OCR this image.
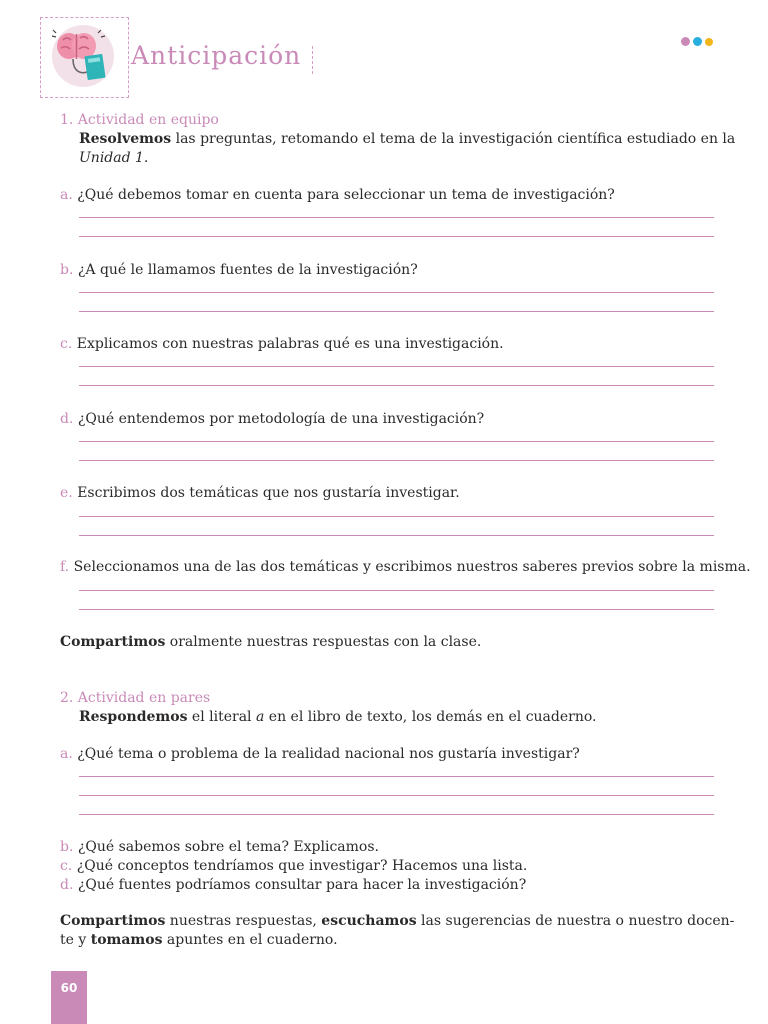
Anticipación
1. Actividad en equipo
Resolvemos las preguntas, retomando el tema de la investigación científica estudiado en la
Unidad 1.
a. ¿Qué debemos tomar en cuenta para seleccionar un tema de investigación?
b. ¿A qué le llamamos fuentes de la investigación?
c. Explicamos con nuestras palabras qué es una investigación.
d. ¿Qué entendemos por metodología de una investigación?
e. Escribimos dos temáticas que nos gustaría investigar.
f. Seleccionamos una de las dos temáticas y escribimos nuestros saberes previos sobre la misma.
Compartimos oralmente nuestras respuestas con la clase.
2. Actividad en pares
Respondemos el literal a en el libro de texto, los demás en el cuaderno.
a. ¿Qué tema o problema de la realidad nacional nos gustaría investigar?
b. ¿Qué sabemos sobre el tema? Explicamos.
c. ¿Qué conceptos tendríamos que investigar? Hacemos una lista.
d. ¿Qué fuentes podríamos consultar para hacer la investigación?
Compartimos nuestras respuestas, escuchamos las sugerencias de nuestra o nuestro docen-
te y tomamos apuntes en el cuaderno.
60
